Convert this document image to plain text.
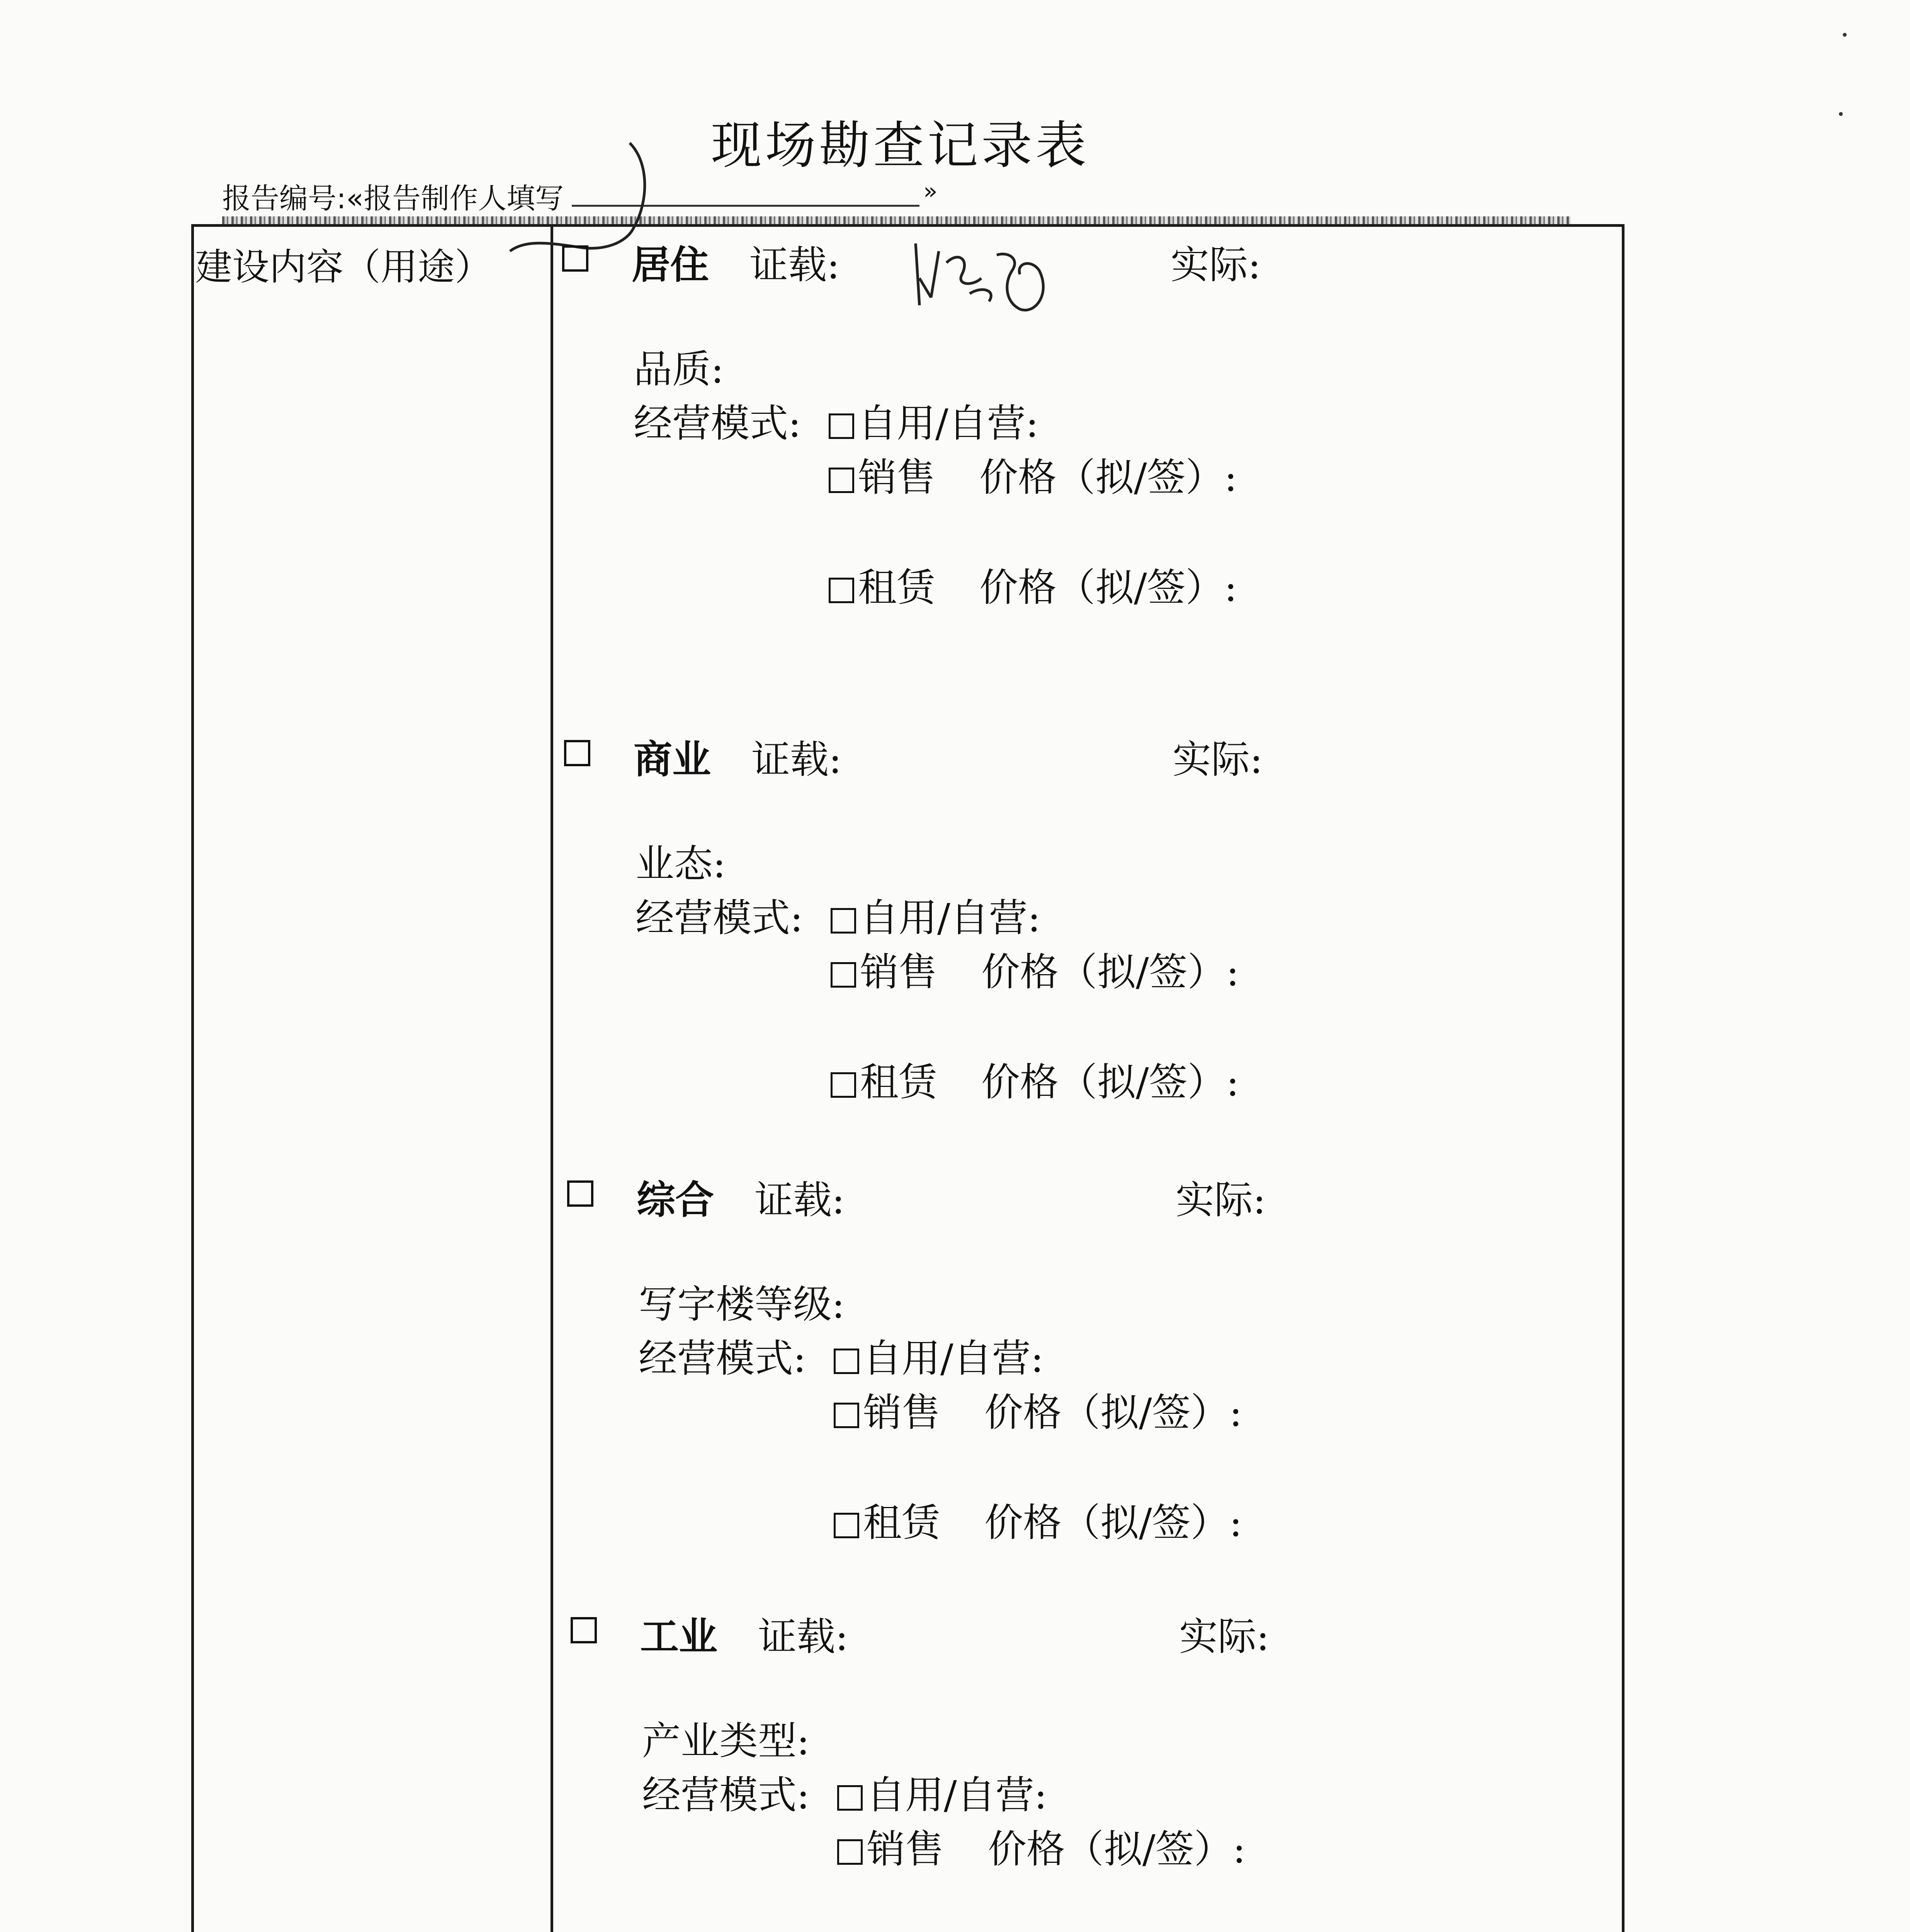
现场勘查记录表
报告编号:«报告制作人填写	»
建设内容（用途）	居住 证载:	实际:
品质:
经营模式:	自用/自营:
销售 价格（拟/签）:
租赁 价格（拟/签）:
商业 证载:	实际:
业态:
经营模式:	自用/自营:
销售 价格（拟/签）:
租赁 价格（拟/签）:
综合 证载:	实际:
写字楼等级:
经营模式:	自用/自营:
销售 价格（拟/签）:
租赁 价格（拟/签）:
工业 证载:	实际:
产业类型:
经营模式:	自用/自营:
销售 价格（拟/签）:
